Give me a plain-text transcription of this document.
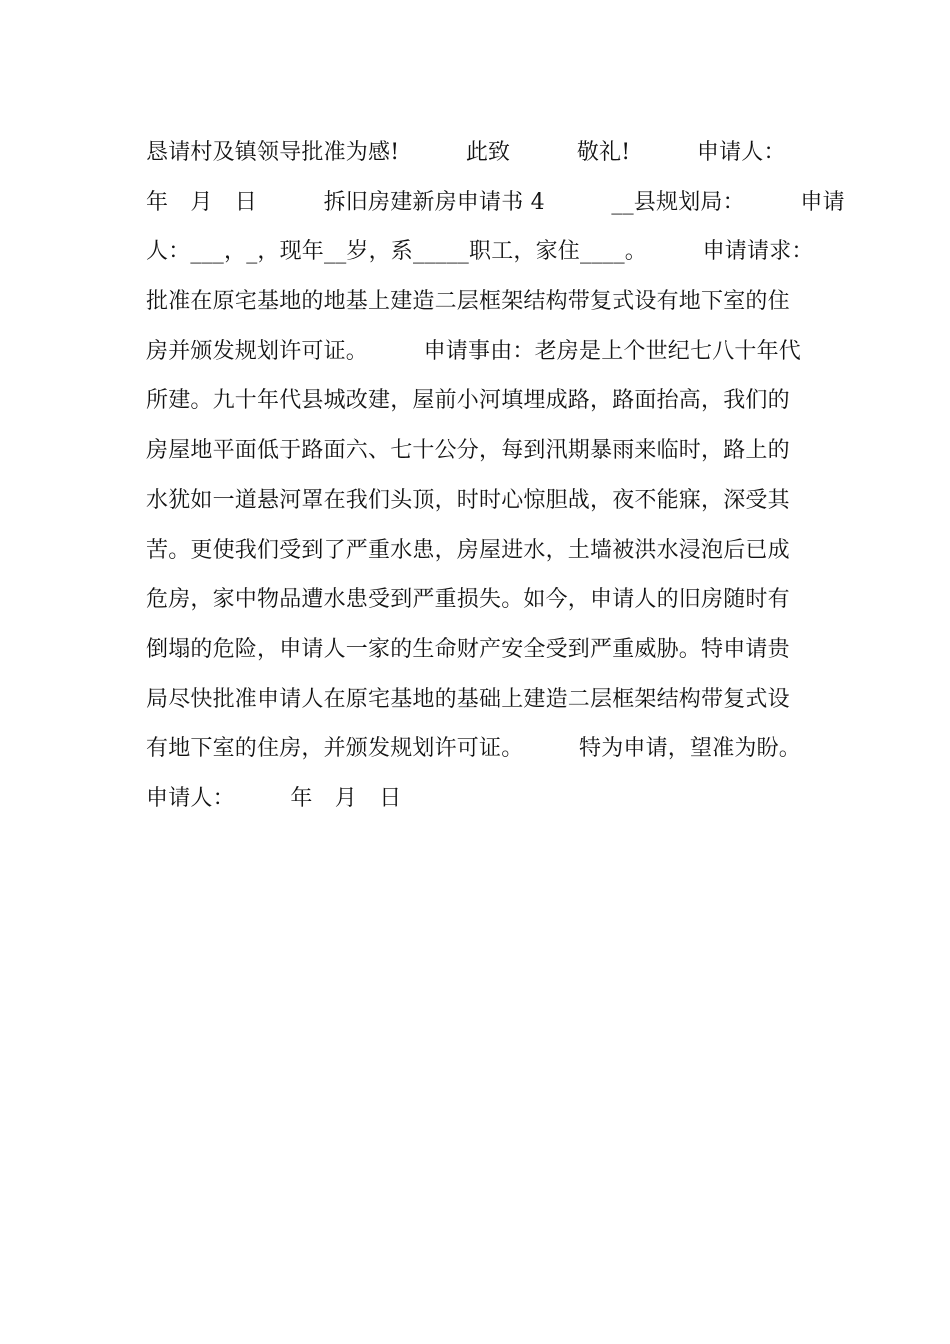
恳请村及镇领导批准为感!　　　此致　　　敬礼!　　　申请人：
年　月　日　　　拆旧房建新房申请书 4　　　__县规划局：　　　申请
人：___，_，现年__岁，系_____职工，家住____。　　　申请请求：
批准在原宅基地的地基上建造二层框架结构带复式设有地下室的住
房并颁发规划许可证。　　　申请事由：老房是上个世纪七八十年代
所建。九十年代县城改建，屋前小河填埋成路，路面抬高，我们的
房屋地平面低于路面六、七十公分，每到汛期暴雨来临时，路上的
水犹如一道悬河罩在我们头顶，时时心惊胆战，夜不能寐，深受其
苦。更使我们受到了严重水患，房屋进水，土墙被洪水浸泡后已成
危房，家中物品遭水患受到严重损失。如今，申请人的旧房随时有
倒塌的危险，申请人一家的生命财产安全受到严重威胁。特申请贵
局尽快批准申请人在原宅基地的基础上建造二层框架结构带复式设
有地下室的住房，并颁发规划许可证。　　　特为申请，望准为盼。
申请人：　　　年　月　日
